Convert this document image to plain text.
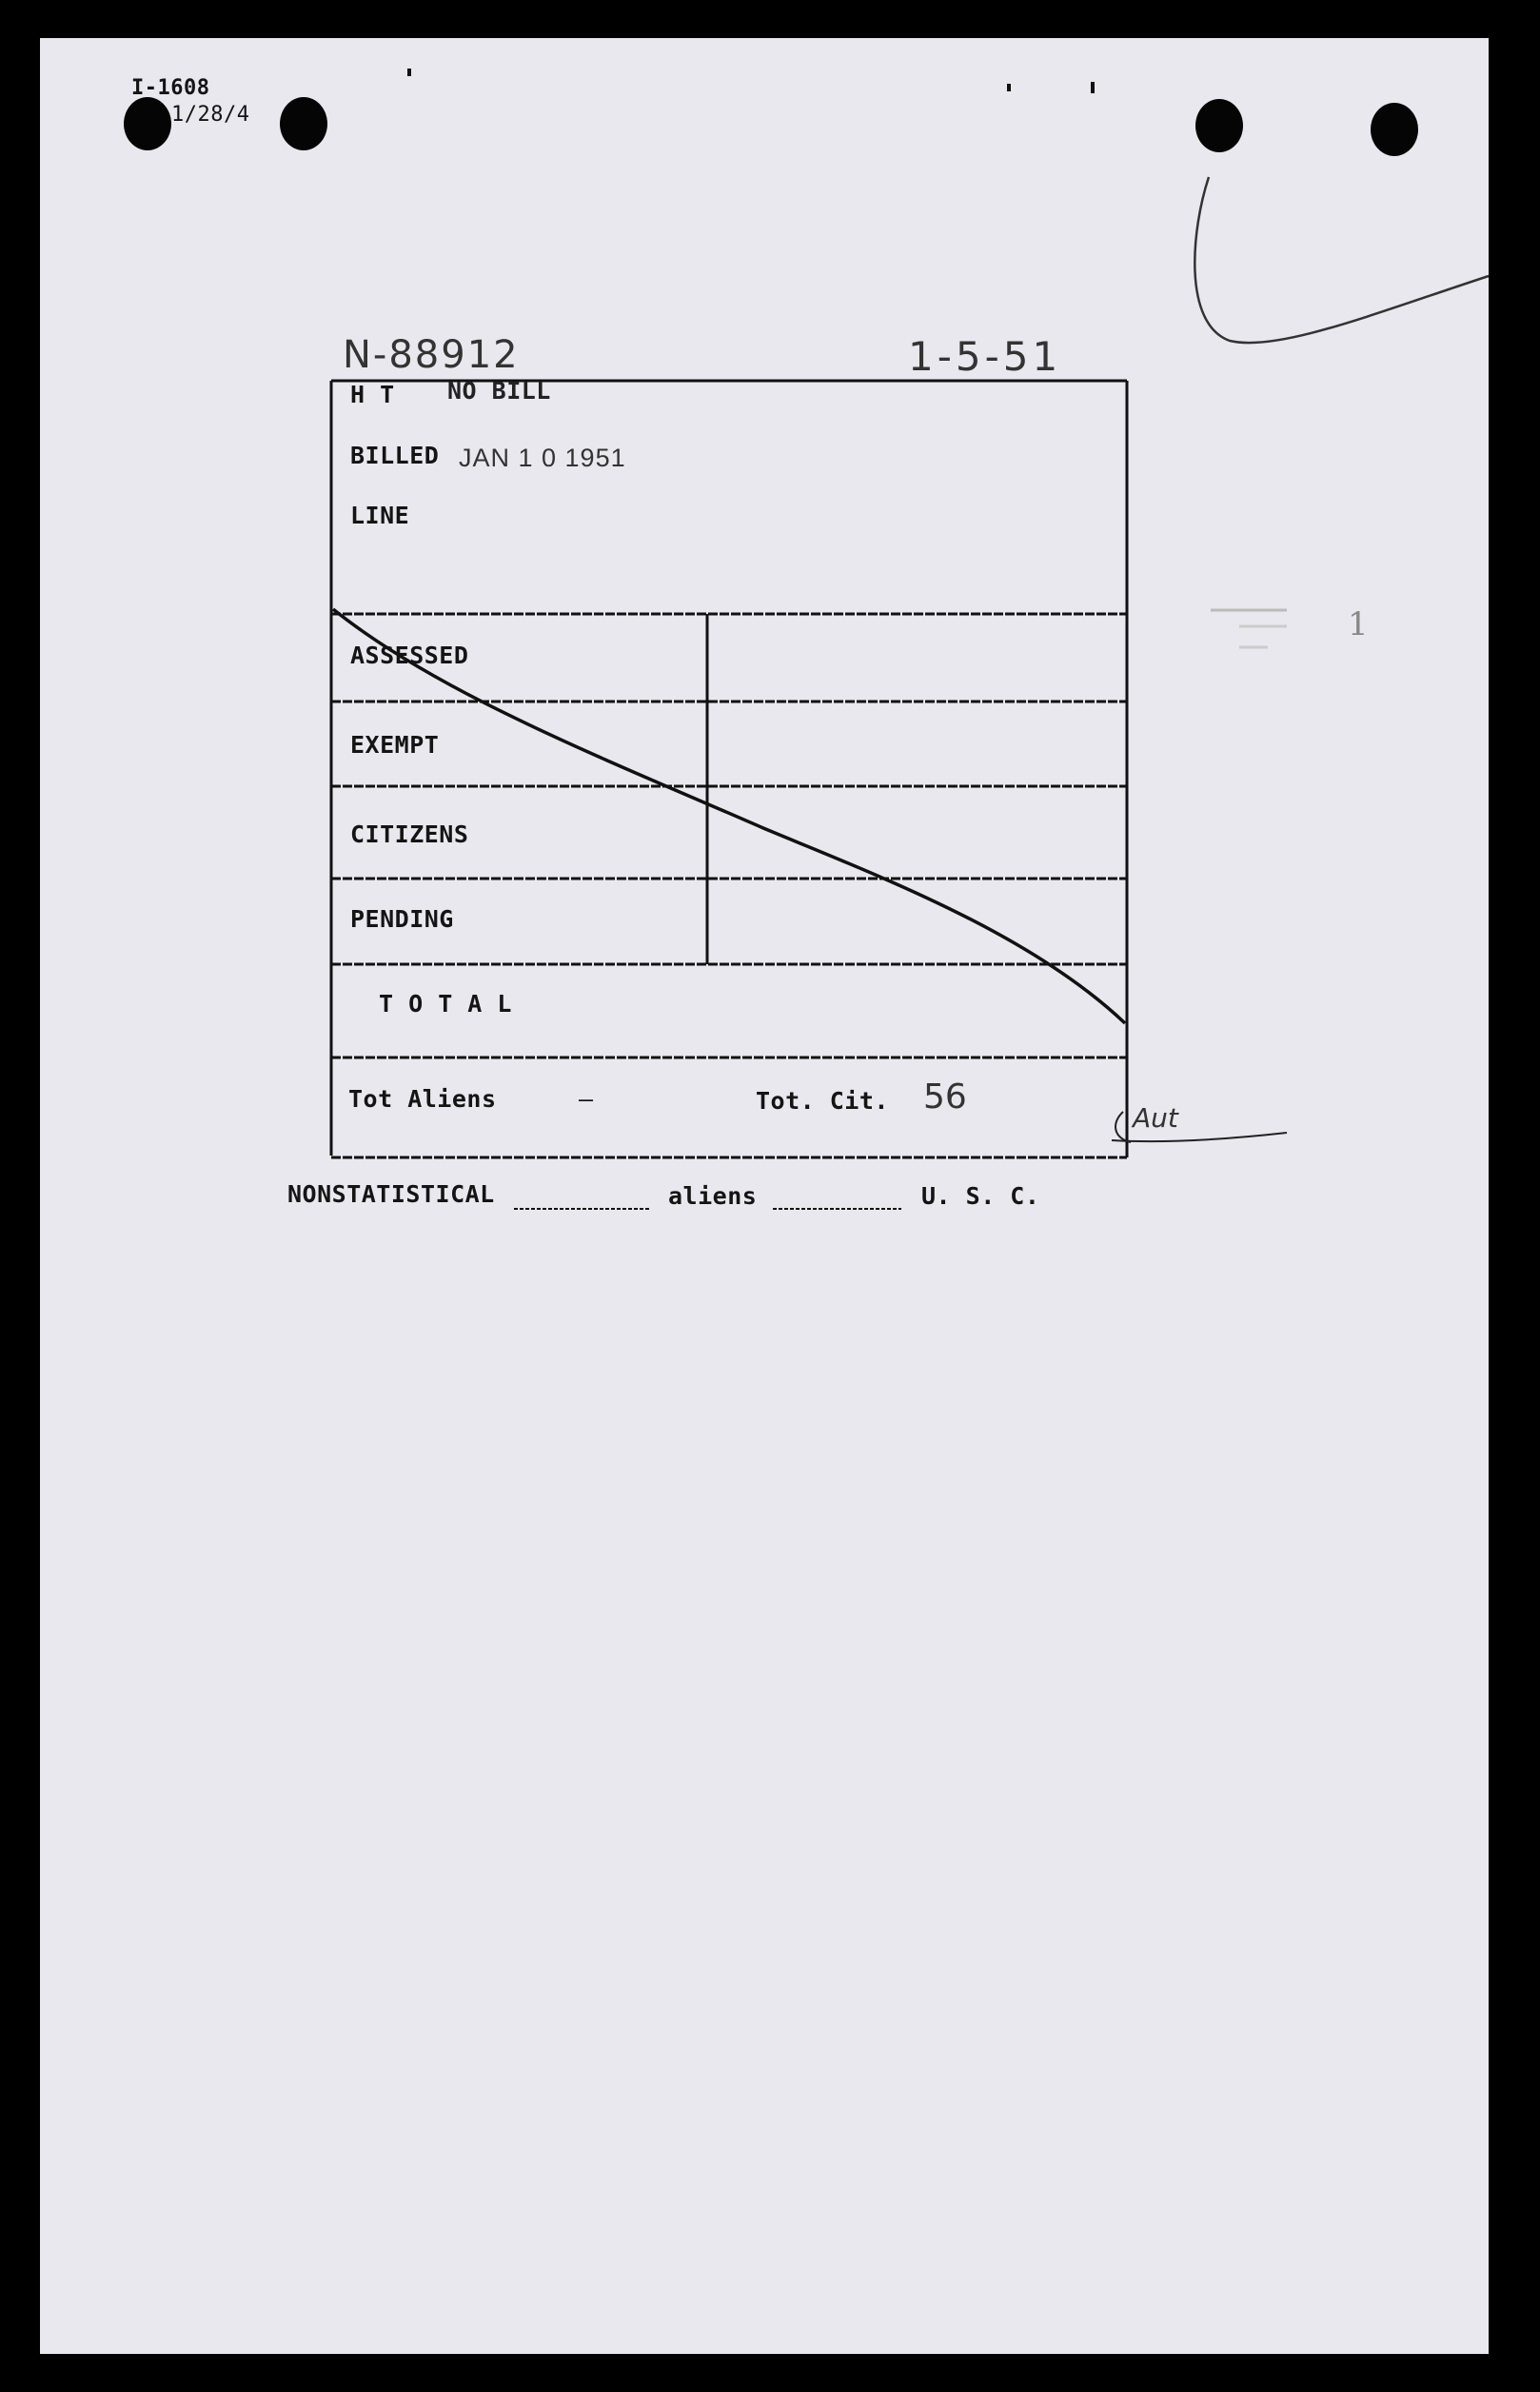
I-1608
1/28/4
N-88912	1-5-51
H T NO BILL
BILLED JAN 1 0 1951
LINE
ASSESSED
EXEMPT
CITIZENS
PENDING
T O T A L
Tot Aliens	—	Tot. Cit. 56
Aut
NONSTATISTICAL	aliens	U. S. C.
1
